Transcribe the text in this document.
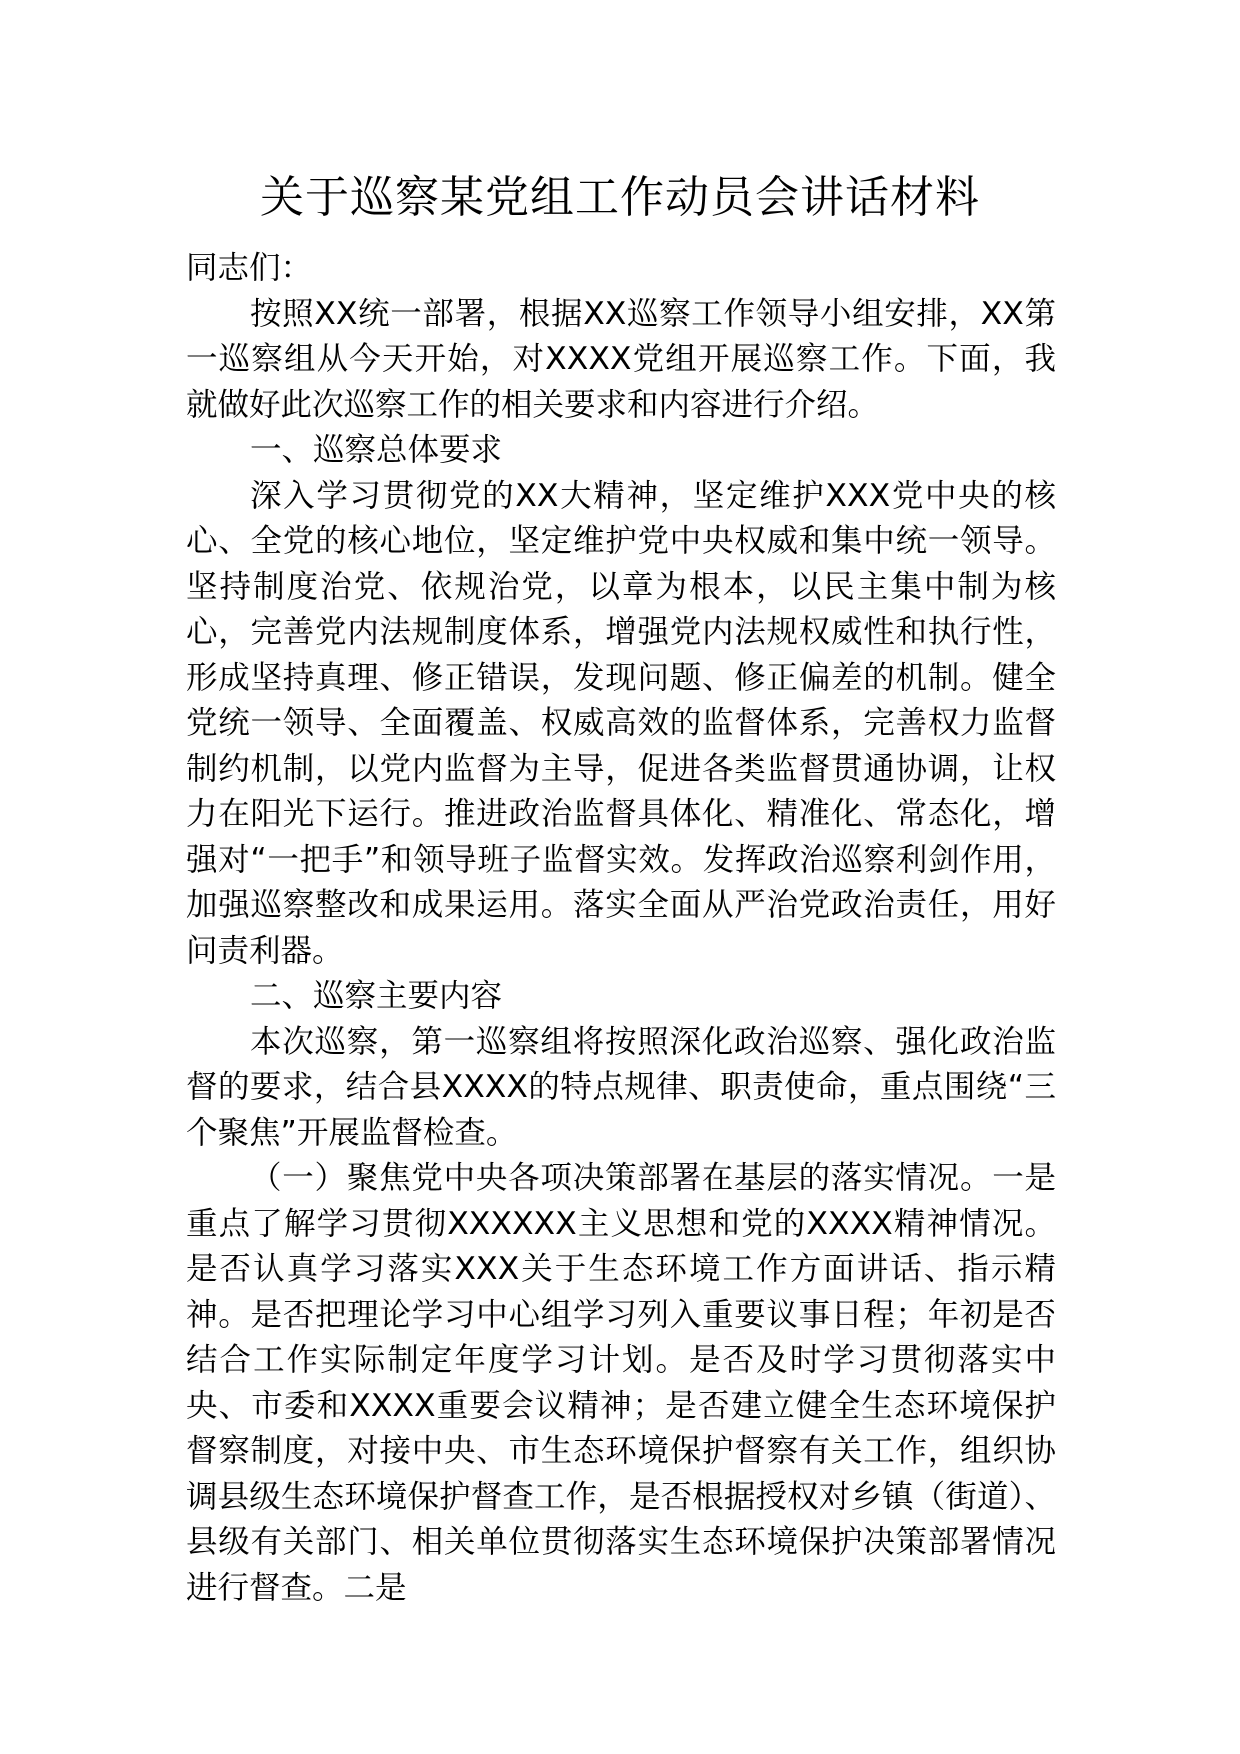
关于巡察某党组工作动员会讲话材料

同志们：

按照XX统一部署，根据XX巡察工作领导小组安排，XX第一巡察组从今天开始，对XXXX党组开展巡察工作。下面，我就做好此次巡察工作的相关要求和内容进行介绍。

一、巡察总体要求

深入学习贯彻党的XX大精神，坚定维护XXX党中央的核心、全党的核心地位，坚定维护党中央权威和集中统一领导。坚持制度治党、依规治党，以章为根本，以民主集中制为核心，完善党内法规制度体系，增强党内法规权威性和执行性，形成坚持真理、修正错误，发现问题、修正偏差的机制。健全党统一领导、全面覆盖、权威高效的监督体系，完善权力监督制约机制，以党内监督为主导，促进各类监督贯通协调，让权力在阳光下运行。推进政治监督具体化、精准化、常态化，增强对“一把手”和领导班子监督实效。发挥政治巡察利剑作用，加强巡察整改和成果运用。落实全面从严治党政治责任，用好问责利器。

二、巡察主要内容

本次巡察，第一巡察组将按照深化政治巡察、强化政治监督的要求，结合县XXXX的特点规律、职责使命，重点围绕“三个聚焦”开展监督检查。

（一）聚焦党中央各项决策部署在基层的落实情况。一是重点了解学习贯彻XXXXXX主义思想和党的XXXX精神情况。是否认真学习落实XXX关于生态环境工作方面讲话、指示精神。是否把理论学习中心组学习列入重要议事日程；年初是否结合工作实际制定年度学习计划。是否及时学习贯彻落实中央、市委和XXXX重要会议精神；是否建立健全生态环境保护督察制度，对接中央、市生态环境保护督察有关工作，组织协调县级生态环境保护督查工作，是否根据授权对乡镇（街道）、县级有关部门、相关单位贯彻落实生态环境保护决策部署情况进行督查。二是
